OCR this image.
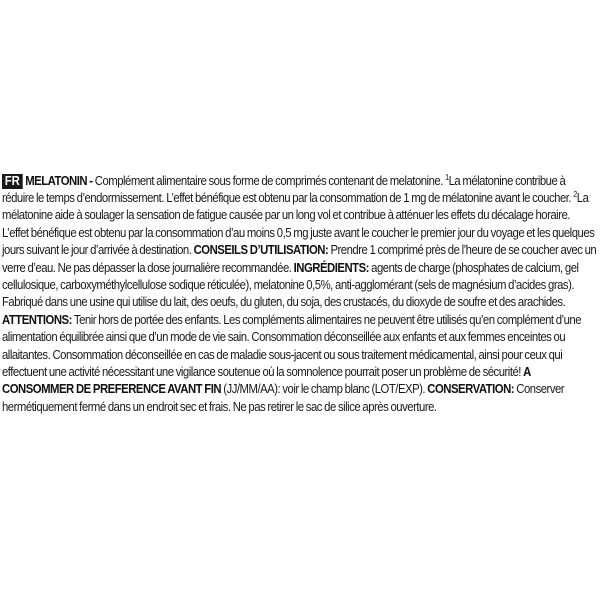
FR MELATONIN - Complément alimentaire sous forme de comprimés contenant de melatonine. $^1$La mélatonine contribue à réduire le temps d’endormissement. L’effet bénéfique est obtenu par la consommation de 1 mg de mélatonine avant le coucher. $^2$La mélatonine aide à soulager la sensation de fatigue causée par un long vol et contribue à atténuer les effets du décalage horaire. L’effet bénéfique est obtenu par la consommation d’au moins 0,5 mg juste avant le coucher le premier jour du voyage et les quelques jours suivant le jour d’arrivée à destination. CONSEILS D’UTILISATION: Prendre 1 comprimé près de l’heure de se coucher avec un verre d’eau. Ne pas dépasser la dose journalière recommandée. INGRÉDIENTS: agents de charge (phosphates de calcium, gel cellulosique, carboxyméthylcellulose sodique réticulée), melatonine 0,5%, anti-agglomérant (sels de magnésium d’acides gras). Fabriqué dans une usine qui utilise du lait, des oeufs, du gluten, du soja, des crustacés, du dioxyde de soufre et des arachides. ATTENTIONS: Tenir hors de portée des enfants. Les compléments alimentaires ne peuvent être utilisés qu’en complément d’une alimentation équilibrée ainsi que d’un mode de vie sain. Consommation déconseillée aux enfants et aux femmes enceintes ou allaitantes. Consommation déconseillée en cas de maladie sous-jacent ou sous traitement médicamental, ainsi pour ceux qui effectuent une activité nécessitant une vigilance soutenue où la somnolence pourrait poser un problème de sécurité! A CONSOMMER DE PREFERENCE AVANT FIN (JJ/MM/AA): voir le champ blanc (LOT/EXP). CONSERVATION: Conserver hermétiquement fermé dans un endroit sec et frais. Ne pas retirer le sac de silice après ouverture.
